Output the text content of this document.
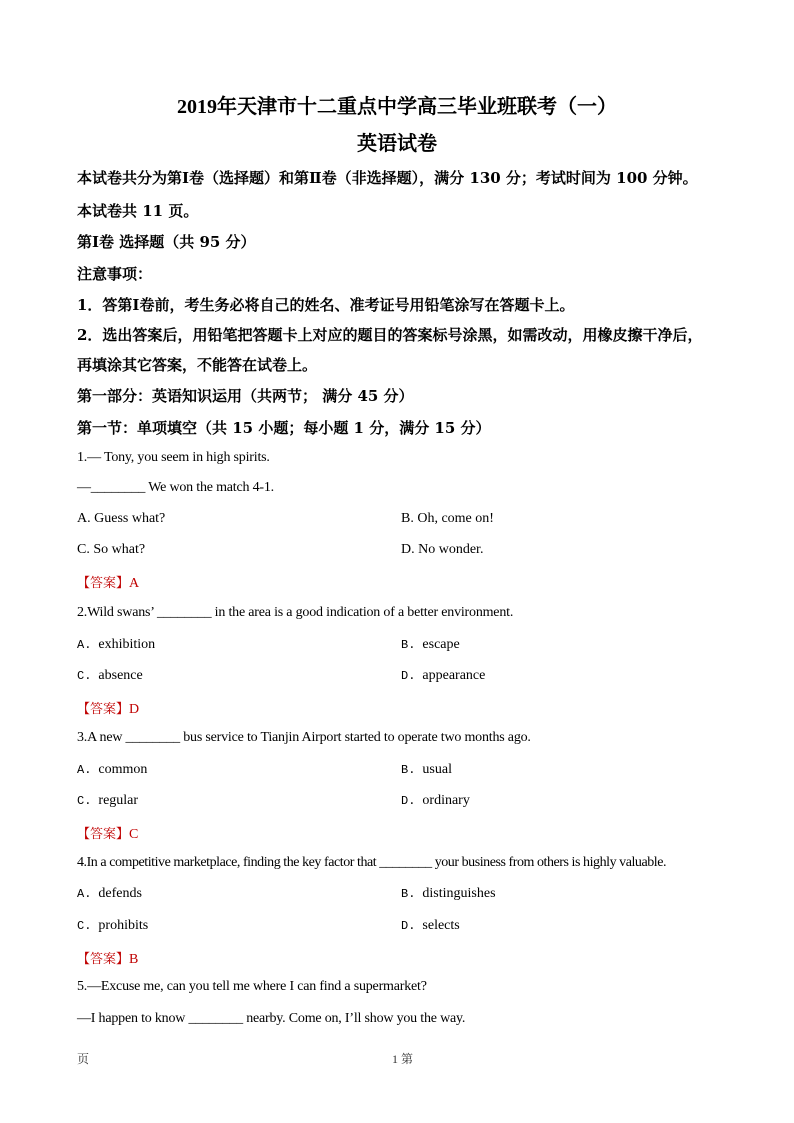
2019年天津市十二重点中学高三毕业班联考（一）
英语试卷
本试卷共分为第Ⅰ卷（选择题）和第Ⅱ卷（非选择题），满分 130 分；考试时间为 100 分钟。
本试卷共 11 页。
第Ⅰ卷 选择题（共 95 分）
注意事项：
1．答第Ⅰ卷前，考生务必将自己的姓名、准考证号用铅笔涂写在答题卡上。
2．选出答案后，用铅笔把答题卡上对应的题目的答案标号涂黑，如需改动，用橡皮擦干净后，
再填涂其它答案，不能答在试卷上。
第一部分：英语知识运用（共两节； 满分 45 分）
第一节：单项填空（共 15 小题；每小题 1 分，满分 15 分）
1.— Tony, you seem in high spirits.
—________ We won the match 4-1.
A. Guess what?	B. Oh, come on!
C. So what?	D. No wonder.
【答案】A
2.Wild swans’ ________ in the area is a good indication of a better environment.
A. exhibition	B. escape
C. absence	D. appearance
【答案】D
3.A new ________ bus service to Tianjin Airport started to operate two months ago.
A. common	B. usual
C. regular	D. ordinary
【答案】C
4.In a competitive marketplace, finding the key factor that ________ your business from others is highly valuable.
A. defends	B. distinguishes
C. prohibits	D. selects
【答案】B
5.—Excuse me, can you tell me where I can find a supermarket?
—I happen to know ________ nearby. Come on, I’ll show you the way.
页	1 第
